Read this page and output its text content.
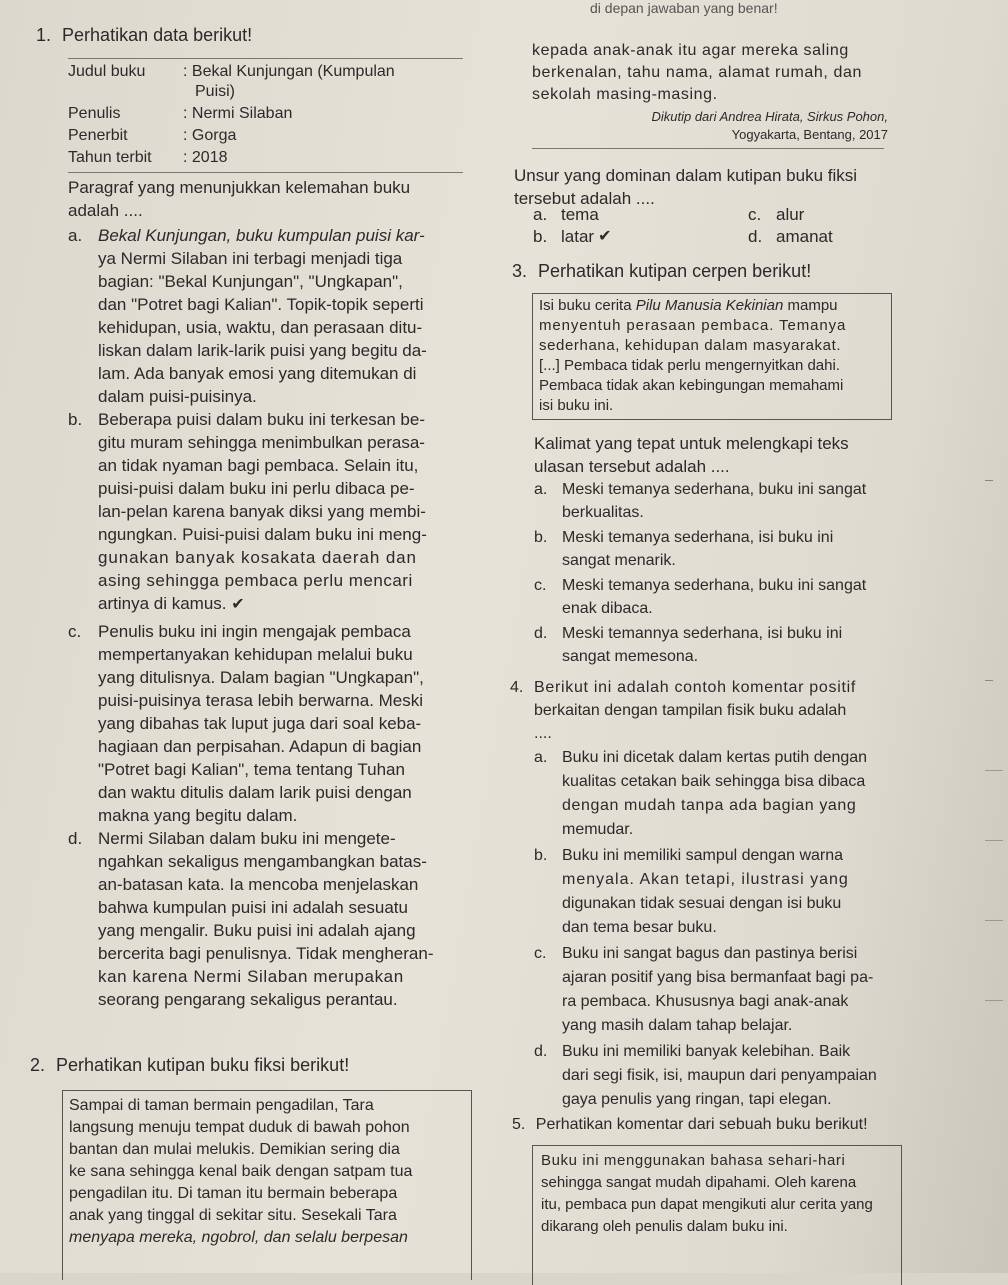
di depan jawaban yang benar!
1. Perhatikan data berikut!
Judul buku	: Bekal Kunjungan (Kumpulan
Puisi)
Penulis	: Nermi Silaban
Penerbit	: Gorga
Tahun terbit	: 2018
Paragraf yang menunjukkan kelemahan buku
adalah ....
a. Bekal Kunjungan, buku kumpulan puisi kar-
ya Nermi Silaban ini terbagi menjadi tiga
bagian: "Bekal Kunjungan", "Ungkapan",
dan "Potret bagi Kalian". Topik-topik seperti
kehidupan, usia, waktu, dan perasaan ditu-
liskan dalam larik-larik puisi yang begitu da-
lam. Ada banyak emosi yang ditemukan di
dalam puisi-puisinya.
b. Beberapa puisi dalam buku ini terkesan be-
gitu muram sehingga menimbulkan perasa-
an tidak nyaman bagi pembaca. Selain itu,
puisi-puisi dalam buku ini perlu dibaca pe-
lan-pelan karena banyak diksi yang membi-
ngungkan. Puisi-puisi dalam buku ini meng-
gunakan banyak kosakata daerah dan
asing sehingga pembaca perlu mencari
artinya di kamus. ✔
c. Penulis buku ini ingin mengajak pembaca
mempertanyakan kehidupan melalui buku
yang ditulisnya. Dalam bagian "Ungkapan",
puisi-puisinya terasa lebih berwarna. Meski
yang dibahas tak luput juga dari soal keba-
hagiaan dan perpisahan. Adapun di bagian
"Potret bagi Kalian", tema tentang Tuhan
dan waktu ditulis dalam larik puisi dengan
makna yang begitu dalam.
d. Nermi Silaban dalam buku ini mengete-
ngahkan sekaligus mengambangkan batas-
an-batasan kata. Ia mencoba menjelaskan
bahwa kumpulan puisi ini adalah sesuatu
yang mengalir. Buku puisi ini adalah ajang
bercerita bagi penulisnya. Tidak mengheran-
kan karena Nermi Silaban merupakan
seorang pengarang sekaligus perantau.
2. Perhatikan kutipan buku fiksi berikut!
Sampai di taman bermain pengadilan, Tara
langsung menuju tempat duduk di bawah pohon
bantan dan mulai melukis. Demikian sering dia
ke sana sehingga kenal baik dengan satpam tua
pengadilan itu. Di taman itu bermain beberapa
anak yang tinggal di sekitar situ. Sesekali Tara
menyapa mereka, ngobrol, dan selalu berpesan
kepada anak-anak itu agar mereka saling
berkenalan, tahu nama, alamat rumah, dan
sekolah masing-masing.
Dikutip dari Andrea Hirata, Sirkus Pohon,
Yogyakarta, Bentang, 2017
Unsur yang dominan dalam kutipan buku fiksi
tersebut adalah ....
a. tema	c. alur
b. latar ✔	d. amanat
3. Perhatikan kutipan cerpen berikut!
Isi buku cerita Pilu Manusia Kekinian mampu
menyentuh perasaan pembaca. Temanya
sederhana, kehidupan dalam masyarakat.
[...] Pembaca tidak perlu mengernyitkan dahi.
Pembaca tidak akan kebingungan memahami
isi buku ini.
Kalimat yang tepat untuk melengkapi teks
ulasan tersebut adalah ....
a. Meski temanya sederhana, buku ini sangat
berkualitas.
b. Meski temanya sederhana, isi buku ini
sangat menarik.
c. Meski temanya sederhana, buku ini sangat
enak dibaca.
d. Meski temannya sederhana, isi buku ini
sangat memesona.
4. Berikut ini adalah contoh komentar positif
berkaitan dengan tampilan fisik buku adalah
....
a. Buku ini dicetak dalam kertas putih dengan
kualitas cetakan baik sehingga bisa dibaca
dengan mudah tanpa ada bagian yang
memudar.
b. Buku ini memiliki sampul dengan warna
menyala. Akan tetapi, ilustrasi yang
digunakan tidak sesuai dengan isi buku
dan tema besar buku.
c. Buku ini sangat bagus dan pastinya berisi
ajaran positif yang bisa bermanfaat bagi pa-
ra pembaca. Khususnya bagi anak-anak
yang masih dalam tahap belajar.
d. Buku ini memiliki banyak kelebihan. Baik
dari segi fisik, isi, maupun dari penyampaian
gaya penulis yang ringan, tapi elegan.
5. Perhatikan komentar dari sebuah buku berikut!
Buku ini menggunakan bahasa sehari-hari
sehingga sangat mudah dipahami. Oleh karena
itu, pembaca pun dapat mengikuti alur cerita yang
dikarang oleh penulis dalam buku ini.
